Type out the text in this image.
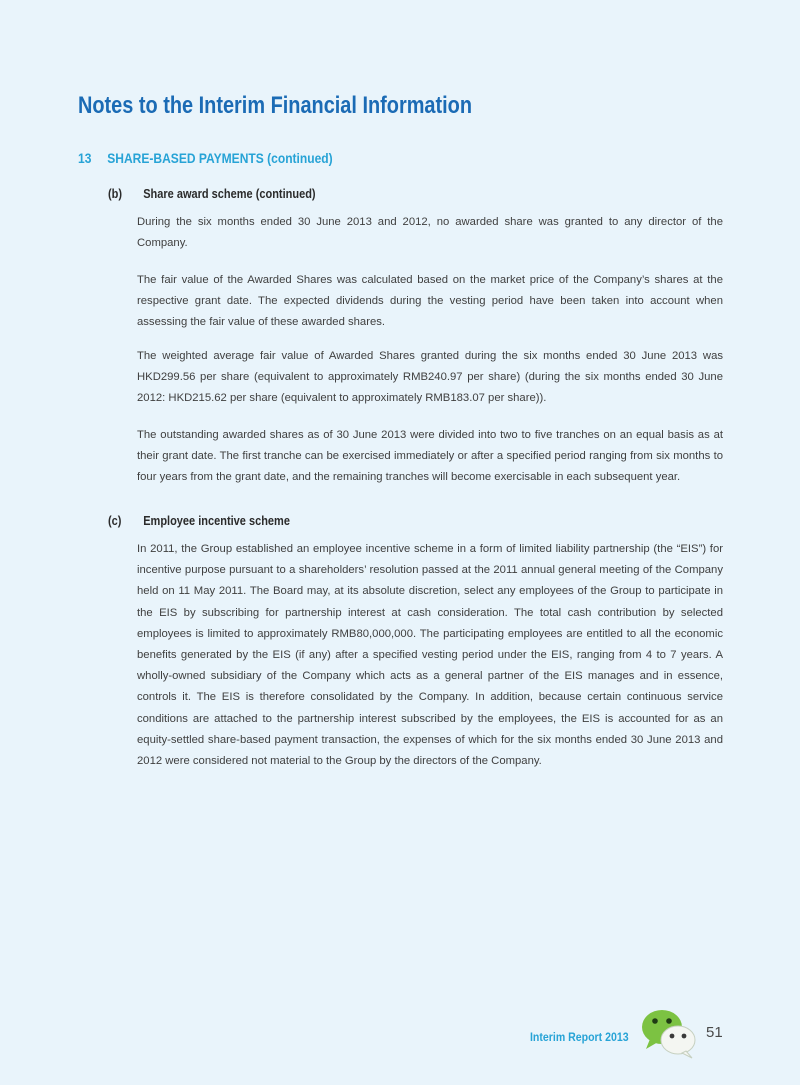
Notes to the Interim Financial Information
13 SHARE-BASED PAYMENTS (continued)
(b) Share award scheme (continued)

During the six months ended 30 June 2013 and 2012, no awarded share was granted to any director of the Company.

The fair value of the Awarded Shares was calculated based on the market price of the Company’s shares at the respective grant date. The expected dividends during the vesting period have been taken into account when assessing the fair value of these awarded shares.

The weighted average fair value of Awarded Shares granted during the six months ended 30 June 2013 was HKD299.56 per share (equivalent to approximately RMB240.97 per share) (during the six months ended 30 June 2012: HKD215.62 per share (equivalent to approximately RMB183.07 per share)).

The outstanding awarded shares as of 30 June 2013 were divided into two to five tranches on an equal basis as at their grant date. The first tranche can be exercised immediately or after a specified period ranging from six months to four years from the grant date, and the remaining tranches will become exercisable in each subsequent year.

(c) Employee incentive scheme

In 2011, the Group established an employee incentive scheme in a form of limited liability partnership (the “EIS”) for incentive purpose pursuant to a shareholders’ resolution passed at the 2011 annual general meeting of the Company held on 11 May 2011. The Board may, at its absolute discretion, select any employees of the Group to participate in the EIS by subscribing for partnership interest at cash consideration. The total cash contribution by selected employees is limited to approximately RMB80,000,000. The participating employees are entitled to all the economic benefits generated by the EIS (if any) after a specified vesting period under the EIS, ranging from 4 to 7 years. A wholly-owned subsidiary of the Company which acts as a general partner of the EIS manages and in essence, controls it. The EIS is therefore consolidated by the Company. In addition, because certain continuous service conditions are attached to the partnership interest subscribed by the employees, the EIS is accounted for as an equity-settled share-based payment transaction, the expenses of which for the six months ended 30 June 2013 and 2012 were considered not material to the Group by the directors of the Company.

Interim Report 2013	51
